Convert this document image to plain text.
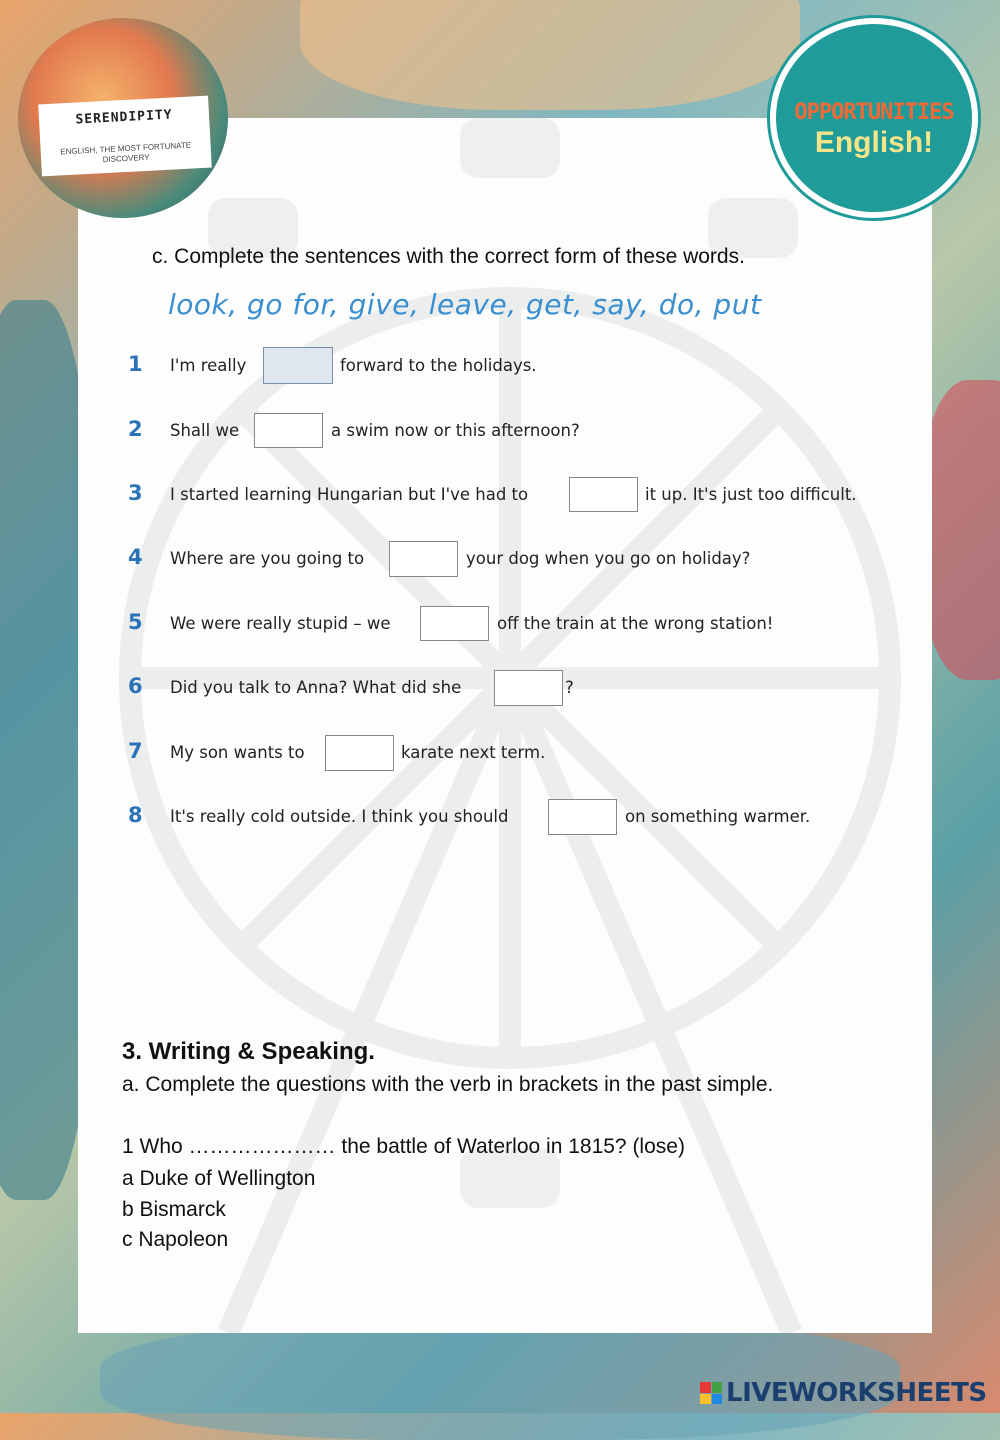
SERENDIPITY
ENGLISH, THE MOST FORTUNATE DISCOVERY
OPPORTUNITIES
English!
c. Complete the sentences with the correct form of these words.
look, go for, give, leave, get, say, do, put
1 I'm really	forward to the holidays.
2 Shall we	a swim now or this afternoon?
3 I started learning Hungarian but I've had to	it up. It's just too difficult.
4 Where are you going to	your dog when you go on holiday?
5 We were really stupid – we	off the train at the wrong station!
6 Did you talk to Anna? What did she	?
7 My son wants to	karate next term.
8 It's really cold outside. I think you should	on something warmer.
3. Writing & Speaking.
a. Complete the questions with the verb in brackets in the past simple.
1 Who ………………… the battle of Waterloo in 1815? (lose)
a Duke of Wellington
b Bismarck
c Napoleon
LIVEWORKSHEETS
